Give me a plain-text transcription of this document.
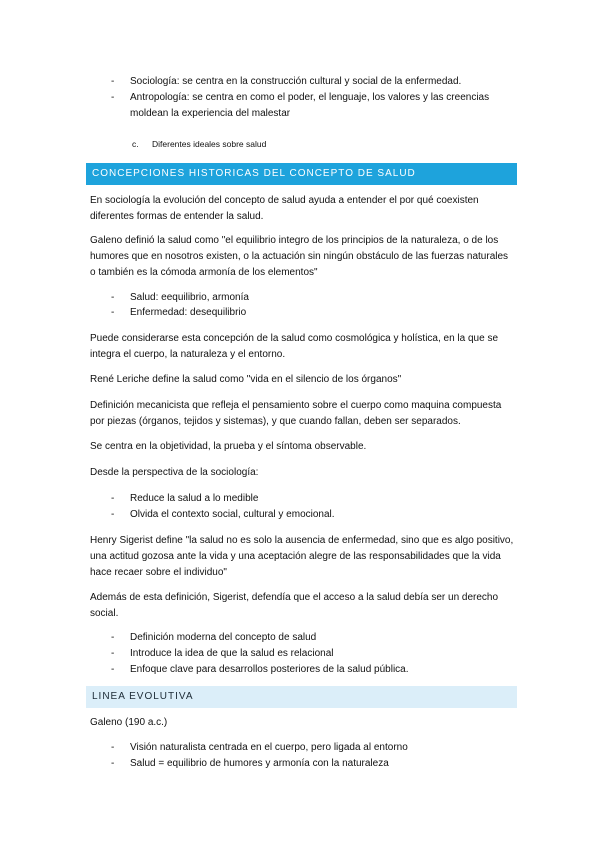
- Sociología: se centra en la construcción cultural y social de la enfermedad.
- Antropología: se centra en como el poder, el lenguaje, los valores y las creencias
moldean la experiencia del malestar
c. Diferentes ideales sobre salud
CONCEPCIONES HISTORICAS DEL CONCEPTO DE SALUD
En sociología la evolución del concepto de salud ayuda a entender el por qué coexisten
diferentes formas de entender la salud.
Galeno definió la salud como "el equilibrio integro de los principios de la naturaleza, o de los
humores que en nosotros existen, o la actuación sin ningún obstáculo de las fuerzas naturales
o también es la cómoda armonía de los elementos"
- Salud: eequilibrio, armonía
- Enfermedad: desequilibrio
Puede considerarse esta concepción de la salud como cosmológica y holística, en la que se
integra el cuerpo, la naturaleza y el entorno.
René Leriche define la salud como "vida en el silencio de los órganos"
Definición mecanicista que refleja el pensamiento sobre el cuerpo como maquina compuesta
por piezas (órganos, tejidos y sistemas), y que cuando fallan, deben ser separados.
Se centra en la objetividad, la prueba y el síntoma observable.
Desde la perspectiva de la sociología:
- Reduce la salud a lo medible
- Olvida el contexto social, cultural y emocional.
Henry Sigerist define "la salud no es solo la ausencia de enfermedad, sino que es algo positivo,
una actitud gozosa ante la vida y una aceptación alegre de las responsabilidades que la vida
hace recaer sobre el individuo"
Además de esta definición, Sigerist, defendía que el acceso a la salud debía ser un derecho
social.
- Definición moderna del concepto de salud
- Introduce la idea de que la salud es relacional
- Enfoque clave para desarrollos posteriores de la salud pública.
LINEA EVOLUTIVA
Galeno (190 a.c.)
- Visión naturalista centrada en el cuerpo, pero ligada al entorno
- Salud = equilibrio de humores y armonía con la naturaleza
